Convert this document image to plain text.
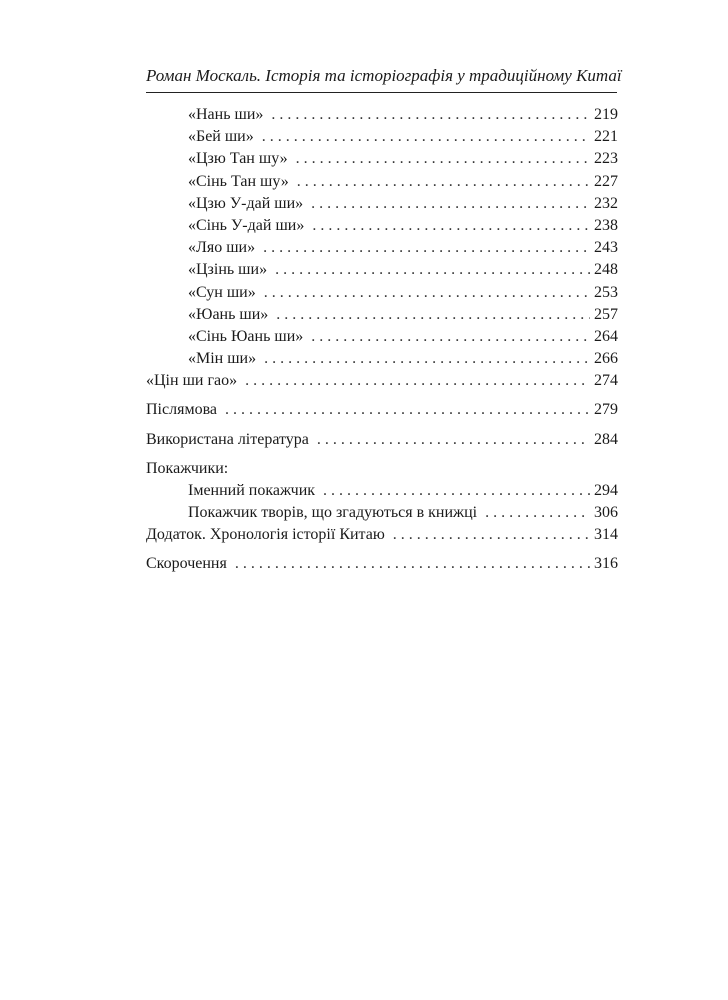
Роман Москаль. Історія та історіографія у традиційному Китаї
«Нань ши» . . .	219
«Бей ши» . . .	221
«Цзю Тан шу» . . .	223
«Сінь Тан шу» . . .	227
«Цзю У-дай ши» . . .	232
«Сінь У-дай ши» . . .	238
«Ляо ши» . . .	243
«Цзінь ши» . . .	248
«Сун ши» . . .	253
«Юань ши» . . .	257
«Сінь Юань ши» . . .	264
«Мін ши» . . .	266
«Цін ши гао» . . .	274
Післямова . . .	279
Використана література . . .	284
Покажчики:
Іменний покажчик . . .	294
Покажчик творів, що згадуються в книжці . . .	306
Додаток. Хронологія історії Китаю . . .	314
Скорочення . . .	316
